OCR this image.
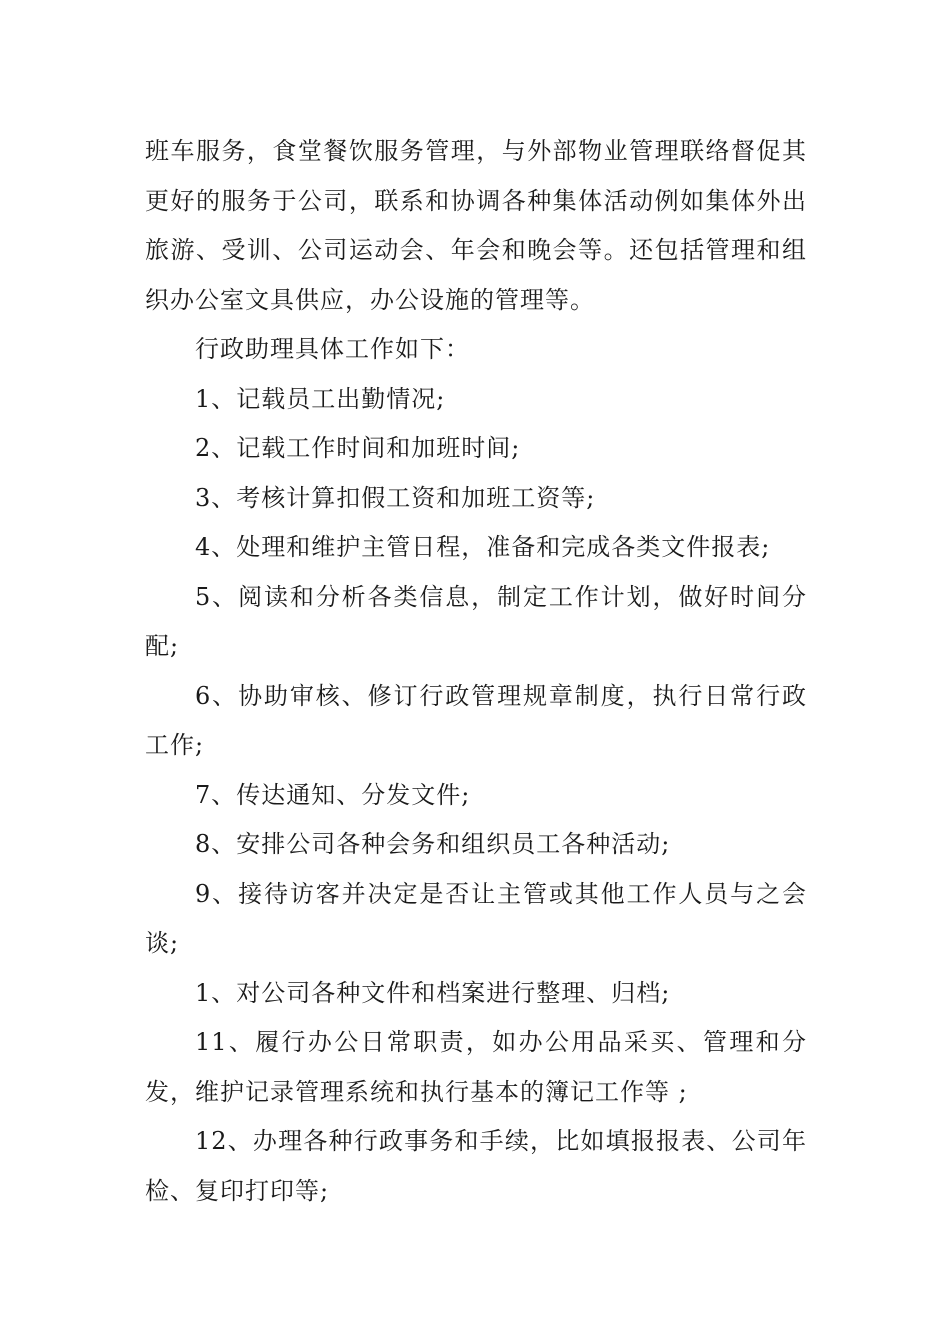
班车服务，食堂餐饮服务管理，与外部物业管理联络督促其更好的服务于公司，联系和协调各种集体活动例如集体外出旅游、受训、公司运动会、年会和晚会等。还包括管理和组织办公室文具供应，办公设施的管理等。

行政助理具体工作如下：

1、记载员工出勤情况;

2、记载工作时间和加班时间;

3、考核计算扣假工资和加班工资等;

4、处理和维护主管日程，准备和完成各类文件报表;

5、阅读和分析各类信息，制定工作计划，做好时间分配;

6、协助审核、修订行政管理规章制度，执行日常行政工作;

7、传达通知、分发文件;

8、安排公司各种会务和组织员工各种活动;

9、接待访客并决定是否让主管或其他工作人员与之会谈;

1、对公司各种文件和档案进行整理、归档;

11、履行办公日常职责，如办公用品采买、管理和分发，维护记录管理系统和执行基本的簿记工作等 ;

12、办理各种行政事务和手续，比如填报报表、公司年检、复印打印等;
